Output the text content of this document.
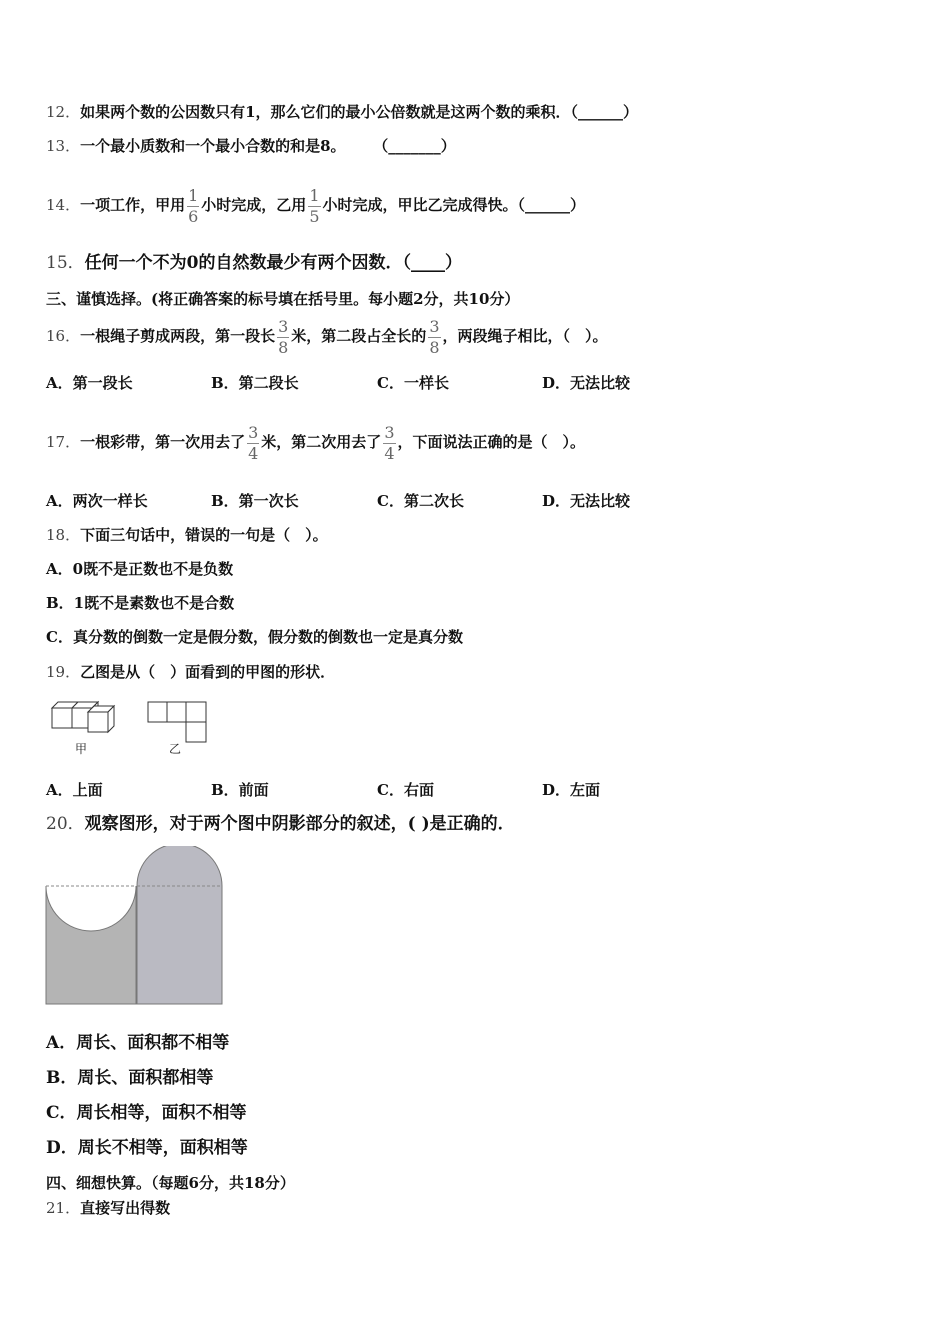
12．如果两个数的公因数只有1，那么它们的最小公倍数就是这两个数的乘积．（______）
13．一个最小质数和一个最小合数的和是8。 　　（_______）
14．一项工作，甲用 $\frac{1}{6}$ 小时完成，乙用 $\frac{1}{5}$ 小时完成，甲比乙完成得快。（______）
15．任何一个不为0的自然数最少有两个因数．（____）
三、谨慎选择。(将正确答案的标号填在括号里。每小题2分，共10分）
16．一根绳子剪成两段，第一段长 $\frac{3}{8}$ 米，第二段占全长的 $\frac{3}{8}$ ，两段绳子相比，（　）。
A．第一段长	B．第二段长	C．一样长	D．无法比较
17．一根彩带，第一次用去了 $\frac{3}{4}$ 米，第二次用去了 $\frac{3}{4}$ ，下面说法正确的是（　）。
A．两次一样长	B．第一次长	C．第二次长	D．无法比较
18．下面三句话中，错误的一句是（　）。
A．0既不是正数也不是负数
B．1既不是素数也不是合数
C．真分数的倒数一定是假分数，假分数的倒数也一定是真分数
19．乙图是从（　）面看到的甲图的形状．
甲	乙
A．上面	B．前面	C．右面	D．左面
20．观察图形，对于两个图中阴影部分的叙述，( )是正确的．
A．周长、面积都不相等
B．周长、面积都相等
C．周长相等，面积不相等
D．周长不相等，面积相等
四、细想快算。（每题6分，共18分）
21．直接写出得数
